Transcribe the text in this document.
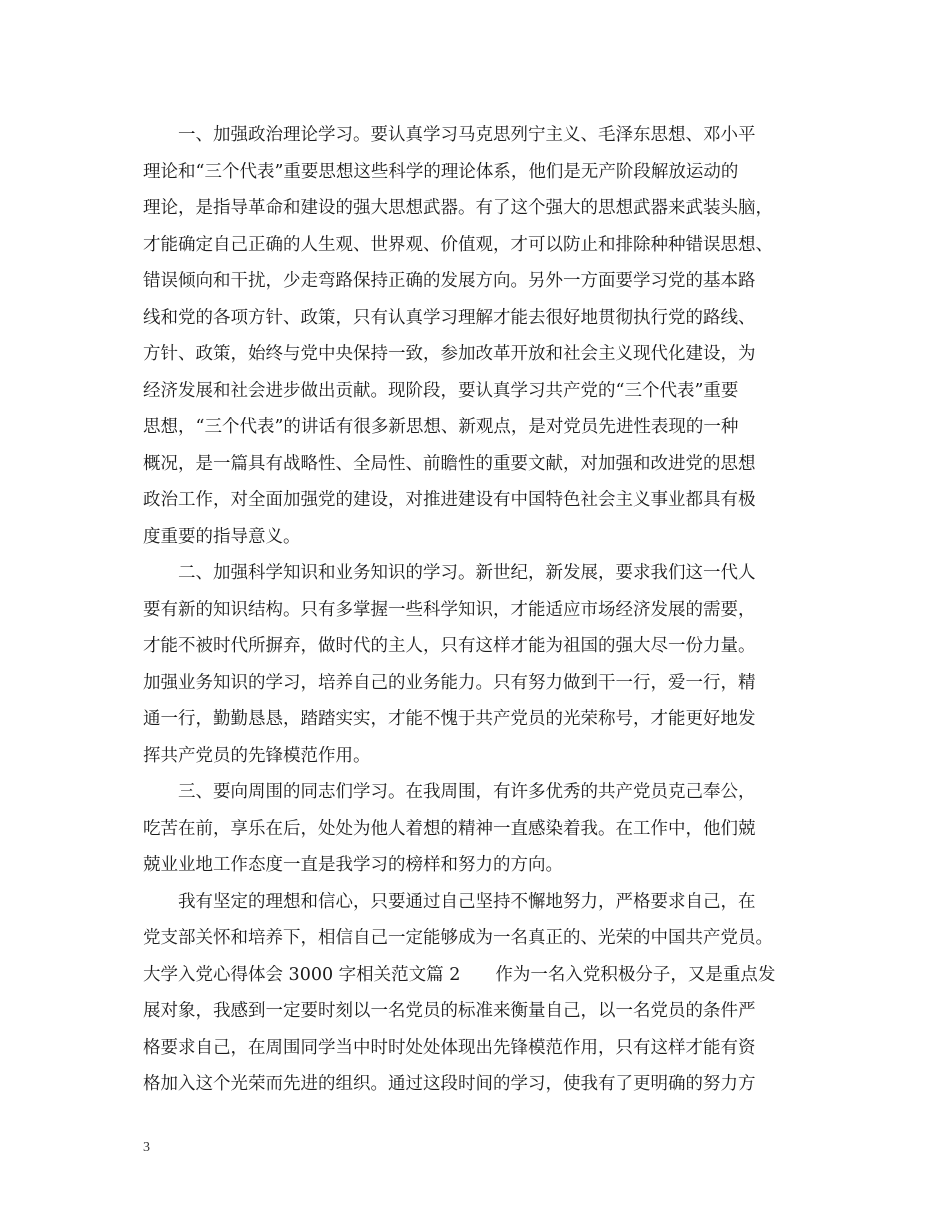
一、加强政治理论学习。要认真学习马克思列宁主义、毛泽东思想、邓小平
理论和“三个代表”重要思想这些科学的理论体系，他们是无产阶段解放运动的
理论，是指导革命和建设的强大思想武器。有了这个强大的思想武器来武装头脑，
才能确定自己正确的人生观、世界观、价值观，才可以防止和排除种种错误思想、
错误倾向和干扰，少走弯路保持正确的发展方向。另外一方面要学习党的基本路
线和党的各项方针、政策，只有认真学习理解才能去很好地贯彻执行党的路线、
方针、政策，始终与党中央保持一致，参加改革开放和社会主义现代化建设，为
经济发展和社会进步做出贡献。现阶段，要认真学习共产党的“三个代表”重要
思想，“三个代表”的讲话有很多新思想、新观点，是对党员先进性表现的一种
概况，是一篇具有战略性、全局性、前瞻性的重要文献，对加强和改进党的思想
政治工作，对全面加强党的建设，对推进建设有中国特色社会主义事业都具有极
度重要的指导意义。
二、加强科学知识和业务知识的学习。新世纪，新发展，要求我们这一代人
要有新的知识结构。只有多掌握一些科学知识，才能适应市场经济发展的需要，
才能不被时代所摒弃，做时代的主人，只有这样才能为祖国的强大尽一份力量。
加强业务知识的学习，培养自己的业务能力。只有努力做到干一行，爱一行，精
通一行，勤勤恳恳，踏踏实实，才能不愧于共产党员的光荣称号，才能更好地发
挥共产党员的先锋模范作用。
三、要向周围的同志们学习。在我周围，有许多优秀的共产党员克己奉公，
吃苦在前，享乐在后，处处为他人着想的精神一直感染着我。在工作中，他们兢
兢业业地工作态度一直是我学习的榜样和努力的方向。
我有坚定的理想和信心，只要通过自己坚持不懈地努力，严格要求自己，在
党支部关怀和培养下，相信自己一定能够成为一名真正的、光荣的中国共产党员。
大学入党心得体会 3000 字相关范文篇 2　　作为一名入党积极分子，又是重点发
展对象，我感到一定要时刻以一名党员的标准来衡量自己，以一名党员的条件严
格要求自己，在周围同学当中时时处处体现出先锋模范作用，只有这样才能有资
格加入这个光荣而先进的组织。通过这段时间的学习，使我有了更明确的努力方
3
